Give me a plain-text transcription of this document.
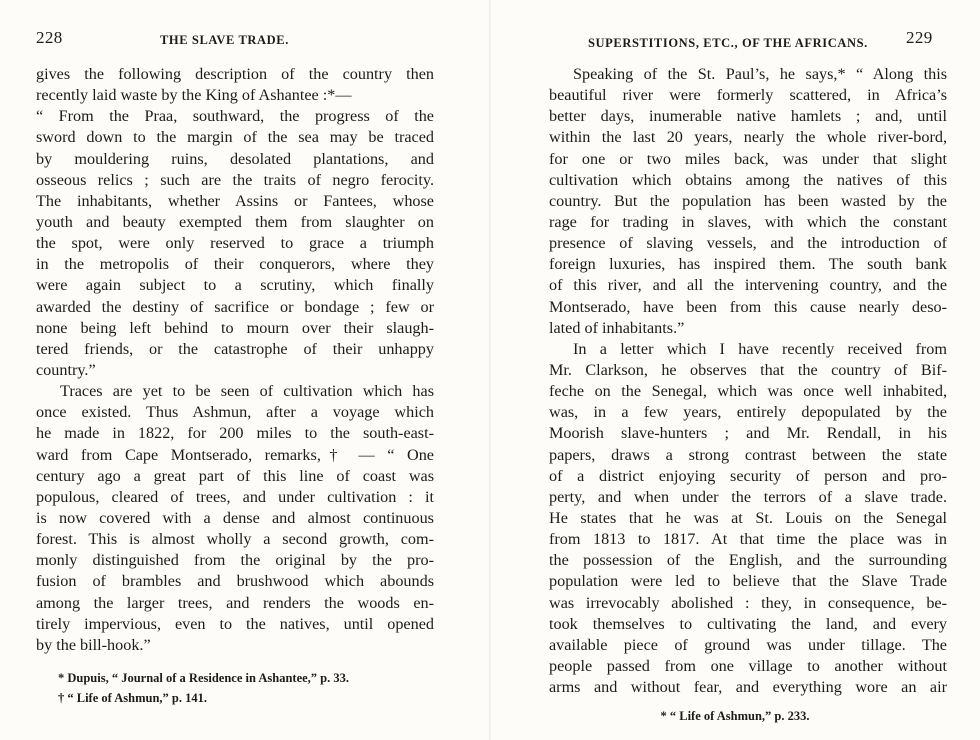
228	THE SLAVE TRADE.
gives the following description of the country then
recently laid waste by the King of Ashantee :*—
“ From the Praa, southward, the progress of the
sword down to the margin of the sea may be traced
by mouldering ruins, desolated plantations, and
osseous relics ; such are the traits of negro ferocity.
The inhabitants, whether Assins or Fantees, whose
youth and beauty exempted them from slaughter on
the spot, were only reserved to grace a triumph
in the metropolis of their conquerors, where they
were again subject to a scrutiny, which finally
awarded the destiny of sacrifice or bondage ; few or
none being left behind to mourn over their slaugh-
tered friends, or the catastrophe of their unhappy
country.”
Traces are yet to be seen of cultivation which has
once existed. Thus Ashmun, after a voyage which
he made in 1822, for 200 miles to the south-east-
ward from Cape Montserado, remarks,† — “ One
century ago a great part of this line of coast was
populous, cleared of trees, and under cultivation : it
is now covered with a dense and almost continuous
forest. This is almost wholly a second growth, com-
monly distinguished from the original by the pro-
fusion of brambles and brushwood which abounds
among the larger trees, and renders the woods en-
tirely impervious, even to the natives, until opened
by the bill-hook.”
* Dupuis, “ Journal of a Residence in Ashantee,” p. 33.
† “ Life of Ashmun,” p. 141.
SUPERSTITIONS, ETC., OF THE AFRICANS. 229
Speaking of the St. Paul’s, he says,* “ Along this
beautiful river were formerly scattered, in Africa’s
better days, inumerable native hamlets ; and, until
within the last 20 years, nearly the whole river-bord,
for one or two miles back, was under that slight
cultivation which obtains among the natives of this
country. But the population has been wasted by the
rage for trading in slaves, with which the constant
presence of slaving vessels, and the introduction of
foreign luxuries, has inspired them. The south bank
of this river, and all the intervening country, and the
Montserado, have been from this cause nearly deso-
lated of inhabitants.”
In a letter which I have recently received from
Mr. Clarkson, he observes that the country of Bif-
feche on the Senegal, which was once well inhabited,
was, in a few years, entirely depopulated by the
Moorish slave-hunters ; and Mr. Rendall, in his
papers, draws a strong contrast between the state
of a district enjoying security of person and pro-
perty, and when under the terrors of a slave trade.
He states that he was at St. Louis on the Senegal
from 1813 to 1817. At that time the place was in
the possession of the English, and the surrounding
population were led to believe that the Slave Trade
was irrevocably abolished : they, in consequence, be-
took themselves to cultivating the land, and every
available piece of ground was under tillage. The
people passed from one village to another without
arms and without fear, and everything wore an air
* “ Life of Ashmun,” p. 233.
